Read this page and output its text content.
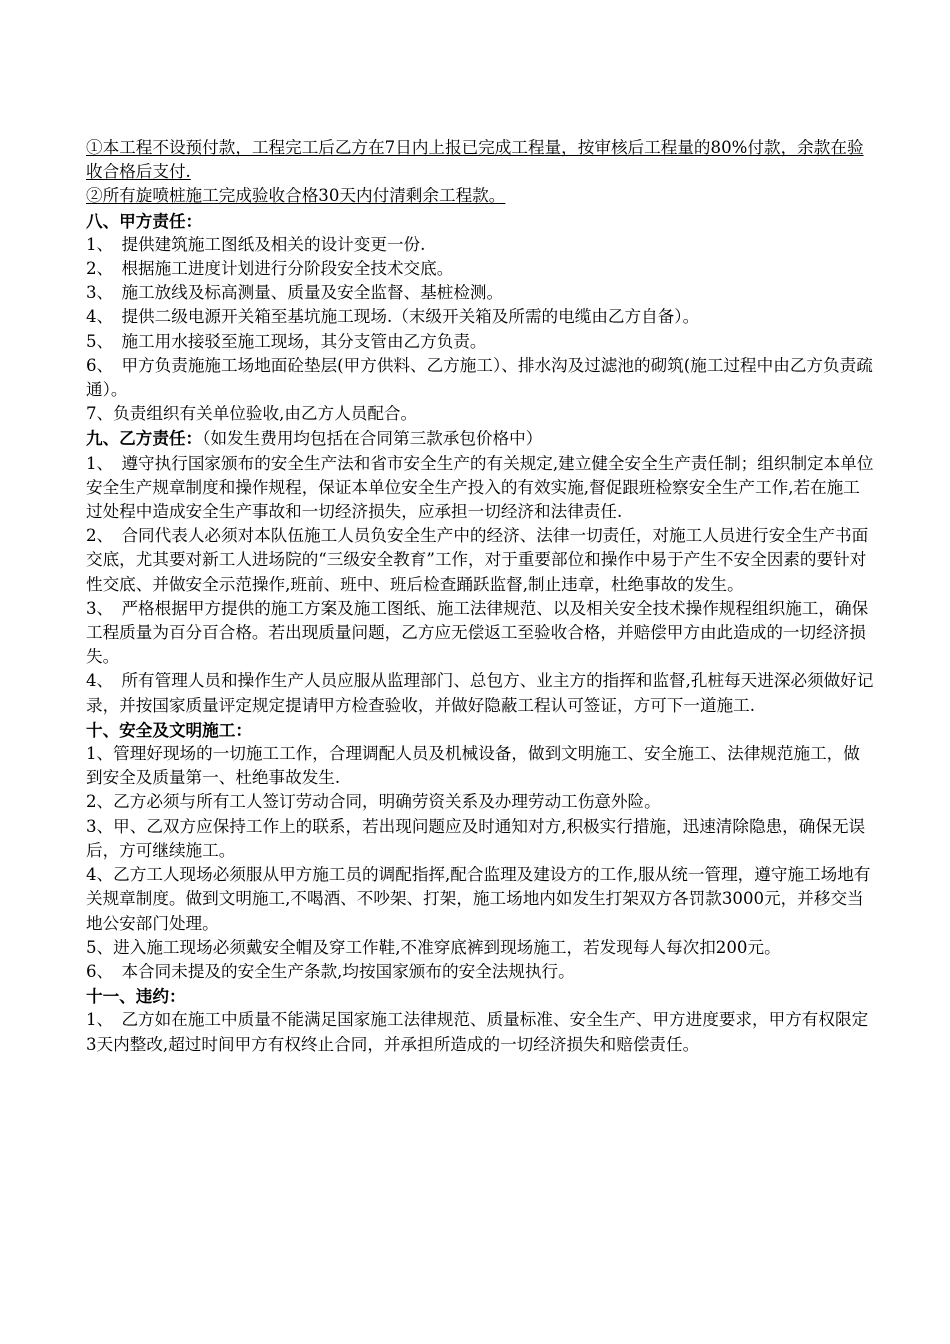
①本工程不设预付款，工程完工后乙方在7日内上报已完成工程量，按审核后工程量的80%付款，余款在验收合格后支付.

②所有旋喷桩施工完成验收合格30天内付清剩余工程款。

八、甲方责任：

1、　提供建筑施工图纸及相关的设计变更一份.

2、　根据施工进度计划进行分阶段安全技术交底。

3、　施工放线及标高测量、质量及安全监督、基桩检测。

4、　提供二级电源开关箱至基坑施工现场.（末级开关箱及所需的电缆由乙方自备）。

5、　施工用水接驳至施工现场，其分支管由乙方负责。

6、　甲方负责施施工场地面砼垫层(甲方供料、乙方施工）、排水沟及过滤池的砌筑(施工过程中由乙方负责疏通）。

7、负责组织有关单位验收,由乙方人员配合。

九、乙方责任：（如发生费用均包括在合同第三款承包价格中）

1、　遵守执行国家颁布的安全生产法和省市安全生产的有关规定,建立健全安全生产责任制；组织制定本单位安全生产规章制度和操作规程，保证本单位安全生产投入的有效实施,督促跟班检察安全生产工作,若在施工过处程中造成安全生产事故和一切经济损失，应承担一切经济和法律责任.

2、　合同代表人必须对本队伍施工人员负安全生产中的经济、法律一切责任，对施工人员进行安全生产书面交底，尤其要对新工人进场院的“三级安全教育”工作，对于重要部位和操作中易于产生不安全因素的要针对性交底、并做安全示范操作,班前、班中、班后检查踊跃监督,制止违章，杜绝事故的发生。

3、　严格根据甲方提供的施工方案及施工图纸、施工法律规范、以及相关安全技术操作规程组织施工，确保工程质量为百分百合格。若出现质量问题，乙方应无偿返工至验收合格，并赔偿甲方由此造成的一切经济损失。

4、　所有管理人员和操作生产人员应服从监理部门、总包方、业主方的指挥和监督,孔桩每天进深必须做好记录，并按国家质量评定规定提请甲方检查验收，并做好隐蔽工程认可签证，方可下一道施工.

十、安全及文明施工：

1、管理好现场的一切施工工作，合理调配人员及机械设备，做到文明施工、安全施工、法律规范施工，做到安全及质量第一、杜绝事故发生.

2、乙方必须与所有工人签订劳动合同，明确劳资关系及办理劳动工伤意外险。

3、甲、乙双方应保持工作上的联系，若出现问题应及时通知对方,积极实行措施，迅速清除隐患，确保无误后，方可继续施工。

4、乙方工人现场必须服从甲方施工员的调配指挥,配合监理及建设方的工作,服从统一管理，遵守施工场地有关规章制度。做到文明施工,不喝酒、不吵架、打架，施工场地内如发生打架双方各罚款3000元，并移交当地公安部门处理。

5、进入施工现场必须戴安全帽及穿工作鞋,不准穿底裤到现场施工，若发现每人每次扣200元。

6、　本合同未提及的安全生产条款,均按国家颁布的安全法规执行。

十一、违约：

1、　乙方如在施工中质量不能满足国家施工法律规范、质量标准、安全生产、甲方进度要求，甲方有权限定3天内整改,超过时间甲方有权终止合同，并承担所造成的一切经济损失和赔偿责任。
